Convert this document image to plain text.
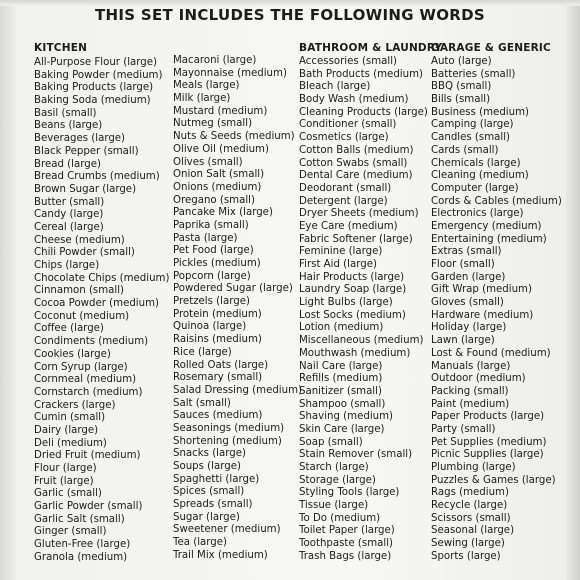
THIS SET INCLUDES THE FOLLOWING WORDS
KITCHEN
All-Purpose Flour (large)
Baking Powder (medium)
Baking Products (large)
Baking Soda (medium)
Basil (small)
Beans (large)
Beverages (large)
Black Pepper (small)
Bread (large)
Bread Crumbs (medium)
Brown Sugar (large)
Butter (small)
Candy (large)
Cereal (large)
Cheese (medium)
Chili Powder (small)
Chips (large)
Chocolate Chips (medium)
Cinnamon (small)
Cocoa Powder (medium)
Coconut (medium)
Coffee (large)
Condiments (medium)
Cookies (large)
Corn Syrup (large)
Cornmeal (medium)
Cornstarch (medium)
Crackers (large)
Cumin (small)
Dairy (large)
Deli (medium)
Dried Fruit (medium)
Flour (large)
Fruit (large)
Garlic (small)
Garlic Powder (small)
Garlic Salt (small)
Ginger (small)
Gluten-Free (large)
Granola (medium)
Macaroni (large)
Mayonnaise (medium)
Meals (large)
Milk (large)
Mustard (medium)
Nutmeg (small)
Nuts & Seeds (medium)
Olive Oil (medium)
Olives (small)
Onion Salt (small)
Onions (medium)
Oregano (small)
Pancake Mix (large)
Paprika (small)
Pasta (large)
Pet Food (large)
Pickles (medium)
Popcorn (large)
Powdered Sugar (large)
Pretzels (large)
Protein (medium)
Quinoa (large)
Raisins (medium)
Rice (large)
Rolled Oats (large)
Rosemary (small)
Salad Dressing (medium)
Salt (small)
Sauces (medium)
Seasonings (medium)
Shortening (medium)
Snacks (large)
Soups (large)
Spaghetti (large)
Spices (small)
Spreads (small)
Sugar (large)
Sweetener (medium)
Tea (large)
Trail Mix (medium)
BATHROOM & LAUNDRY
Accessories (small)
Bath Products (medium)
Bleach (large)
Body Wash (medium)
Cleaning Products (large)
Conditioner (small)
Cosmetics (large)
Cotton Balls (medium)
Cotton Swabs (small)
Dental Care (medium)
Deodorant (small)
Detergent (large)
Dryer Sheets (medium)
Eye Care (medium)
Fabric Softener (large)
Feminine (large)
First Aid (large)
Hair Products (large)
Laundry Soap (large)
Light Bulbs (large)
Lost Socks (medium)
Lotion (medium)
Miscellaneous (medium)
Mouthwash (medium)
Nail Care (large)
Refills (medium)
Sanitizer (small)
Shampoo (small)
Shaving (medium)
Skin Care (large)
Soap (small)
Stain Remover (small)
Starch (large)
Storage (large)
Styling Tools (large)
Tissue (large)
To Do (medium)
Toilet Paper (large)
Toothpaste (small)
Trash Bags (large)
GARAGE & GENERIC
Auto (large)
Batteries (small)
BBQ (small)
Bills (small)
Business (medium)
Camping (large)
Candles (small)
Cards (small)
Chemicals (large)
Cleaning (medium)
Computer (large)
Cords & Cables (medium)
Electronics (large)
Emergency (medium)
Entertaining (medium)
Extras (small)
Floor (small)
Garden (large)
Gift Wrap (medium)
Gloves (small)
Hardware (medium)
Holiday (large)
Lawn (large)
Lost & Found (medium)
Manuals (large)
Outdoor (medium)
Packing (small)
Paint (medium)
Paper Products (large)
Party (small)
Pet Supplies (medium)
Picnic Supplies (large)
Plumbing (large)
Puzzles & Games (large)
Rags (medium)
Recycle (large)
Scissors (small)
Seasonal (large)
Sewing (large)
Sports (large)
